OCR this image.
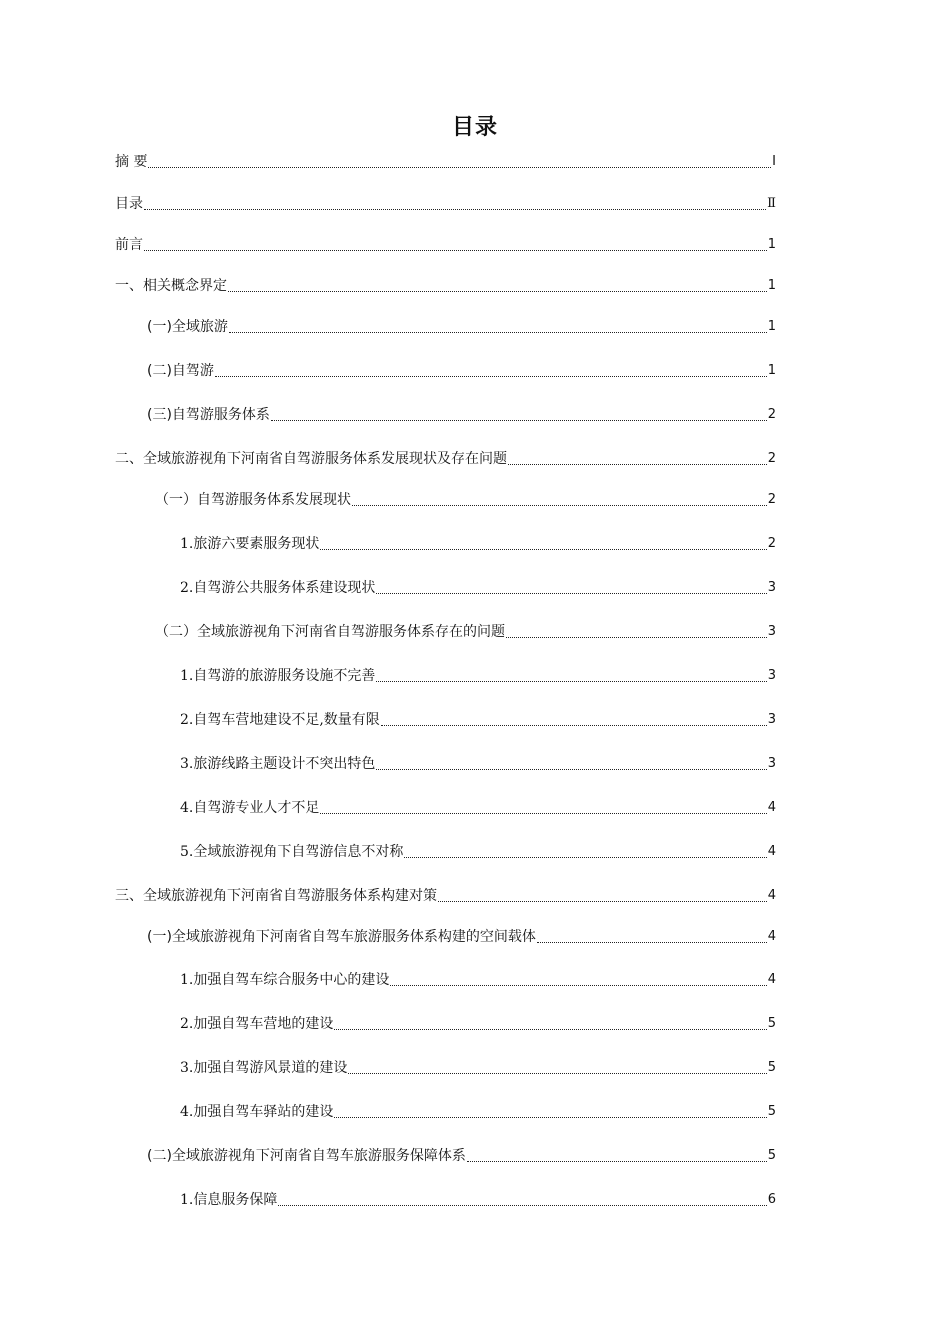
目录
摘 要	I
目录	Ⅱ
前言	1
一、相关概念界定	1
(一)全域旅游	1
(二)自驾游	1
(三)自驾游服务体系	2
二、全域旅游视角下河南省自驾游服务体系发展现状及存在问题	2
（一）自驾游服务体系发展现状	2
1.旅游六要素服务现状	2
2.自驾游公共服务体系建设现状	3
（二）全域旅游视角下河南省自驾游服务体系存在的问题	3
1.自驾游的旅游服务设施不完善	3
2.自驾车营地建设不足,数量有限	3
3.旅游线路主题设计不突出特色	3
4.自驾游专业人才不足	4
5.全域旅游视角下自驾游信息不对称	4
三、全域旅游视角下河南省自驾游服务体系构建对策	4
(一)全域旅游视角下河南省自驾车旅游服务体系构建的空间载体	4
1.加强自驾车综合服务中心的建设	4
2.加强自驾车营地的建设	5
3.加强自驾游风景道的建设	5
4.加强自驾车驿站的建设	5
(二)全域旅游视角下河南省自驾车旅游服务保障体系	5
1.信息服务保障	6
